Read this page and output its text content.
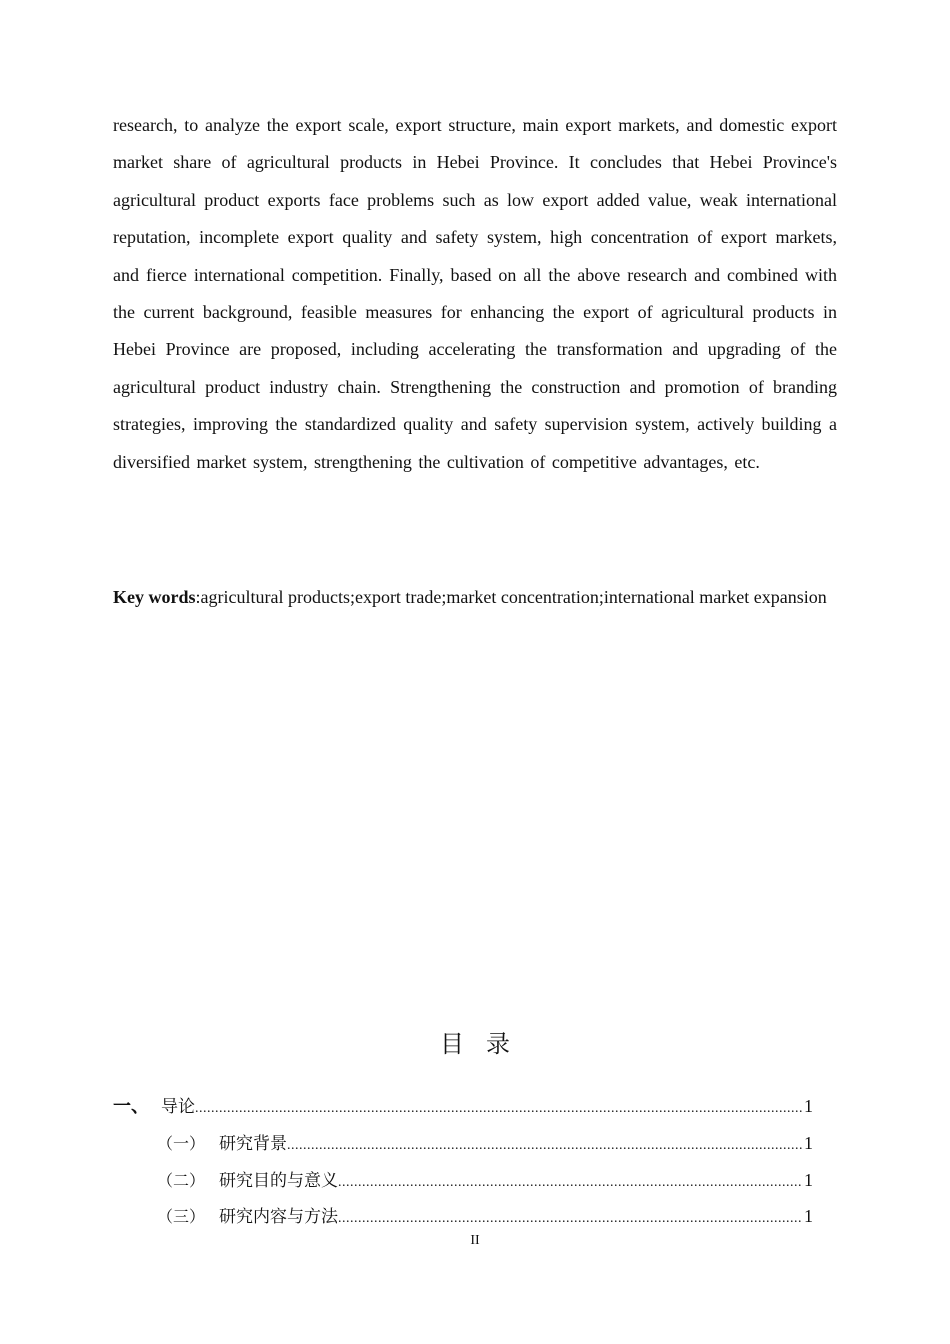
research, to analyze the export scale, export structure, main export markets, and domestic export market share of agricultural products in Hebei Province. It concludes that Hebei Province's agricultural product exports face problems such as low export added value, weak international reputation, incomplete export quality and safety system, high concentration of export markets, and fierce international competition. Finally, based on all the above research and combined with the current background, feasible measures for enhancing the export of agricultural products in Hebei Province are proposed, including accelerating the transformation and upgrading of the agricultural product industry chain. Strengthening the construction and promotion of branding strategies, improving the standardized quality and safety supervision system, actively building a diversified market system, strengthening the cultivation of competitive advantages, etc.

Key words:agricultural products;export trade;market concentration;international market expansion

目录
一、 导论 .....	1
（一） 研究背景 .....	1
（二） 研究目的与意义 .....	1
（三） 研究内容与方法 .....	1
II
